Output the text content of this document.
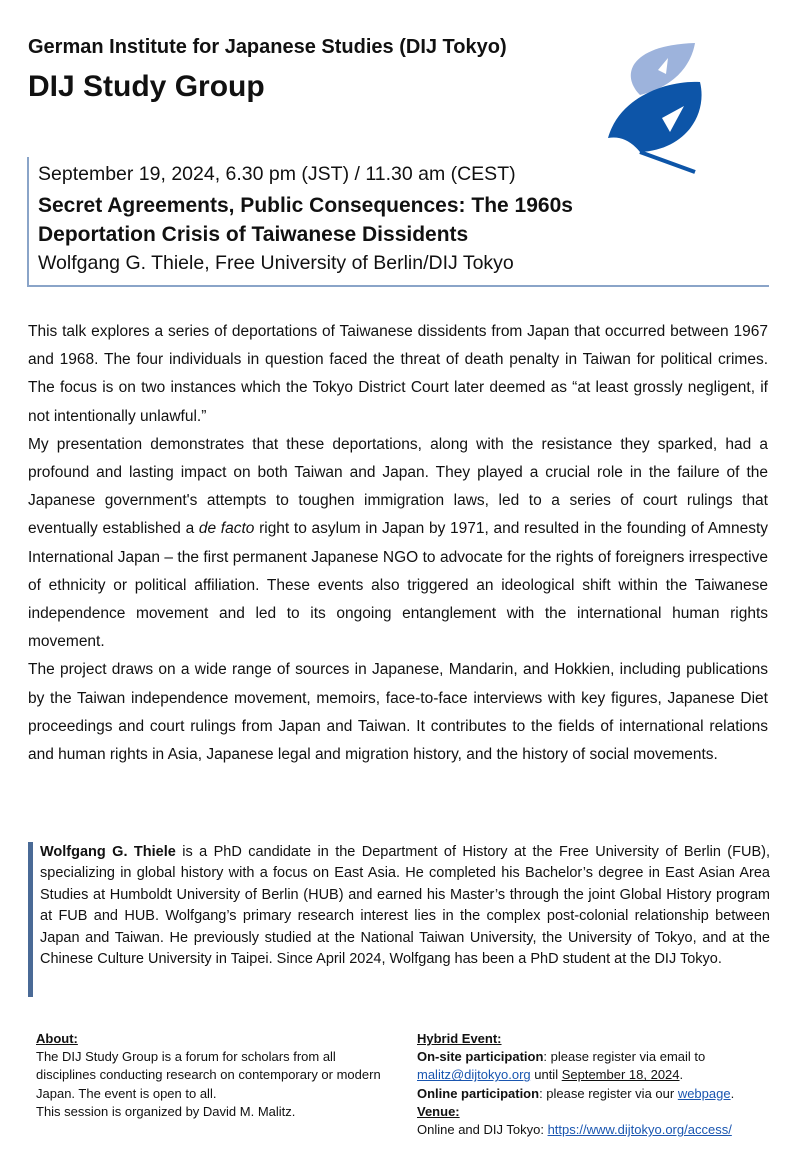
German Institute for Japanese Studies (DIJ Tokyo)
DIJ Study Group
September 19, 2024, 6.30 pm (JST) / 11.30 am (CEST)
Secret Agreements, Public Consequences: The 1960s
Deportation Crisis of Taiwanese Dissidents
Wolfgang G. Thiele, Free University of Berlin/DIJ Tokyo

This talk explores a series of deportations of Taiwanese dissidents from Japan that occurred between 1967 and 1968. The four individuals in question faced the threat of death penalty in Taiwan for political crimes. The focus is on two instances which the Tokyo District Court later deemed as “at least grossly negligent, if not intentionally unlawful.”

My presentation demonstrates that these deportations, along with the resistance they sparked, had a profound and lasting impact on both Taiwan and Japan. They played a crucial role in the failure of the Japanese government's attempts to toughen immigration laws, led to a series of court rulings that eventually established a de facto right to asylum in Japan by 1971, and resulted in the founding of Amnesty International Japan – the first permanent Japanese NGO to advocate for the rights of foreigners irrespective of ethnicity or political affiliation. These events also triggered an ideological shift within the Taiwanese independence movement and led to its ongoing entanglement with the international human rights movement.

The project draws on a wide range of sources in Japanese, Mandarin, and Hokkien, including publications by the Taiwan independence movement, memoirs, face-to-face interviews with key figures, Japanese Diet proceedings and court rulings from Japan and Taiwan. It contributes to the fields of international relations and human rights in Asia, Japanese legal and migration history, and the history of social movements.

Wolfgang G. Thiele is a PhD candidate in the Department of History at the Free University of Berlin (FUB), specializing in global history with a focus on East Asia. He completed his Bachelor’s degree in East Asian Area Studies at Humboldt University of Berlin (HUB) and earned his Master’s through the joint Global History program at FUB and HUB. Wolfgang’s primary research interest lies in the complex post-colonial relationship between Japan and Taiwan. He previously studied at the National Taiwan University, the University of Tokyo, and at the Chinese Culture University in Taipei. Since April 2024, Wolfgang has been a PhD student at the DIJ Tokyo.
About:
The DIJ Study Group is a forum for scholars from all disciplines conducting research on contemporary or modern Japan. The event is open to all.
This session is organized by David M. Malitz.
Hybrid Event:
On-site participation: please register via email to
malitz@dijtokyo.org until September 18, 2024.
Online participation: please register via our webpage.
Venue:
Online and DIJ Tokyo: https://www.dijtokyo.org/access/
